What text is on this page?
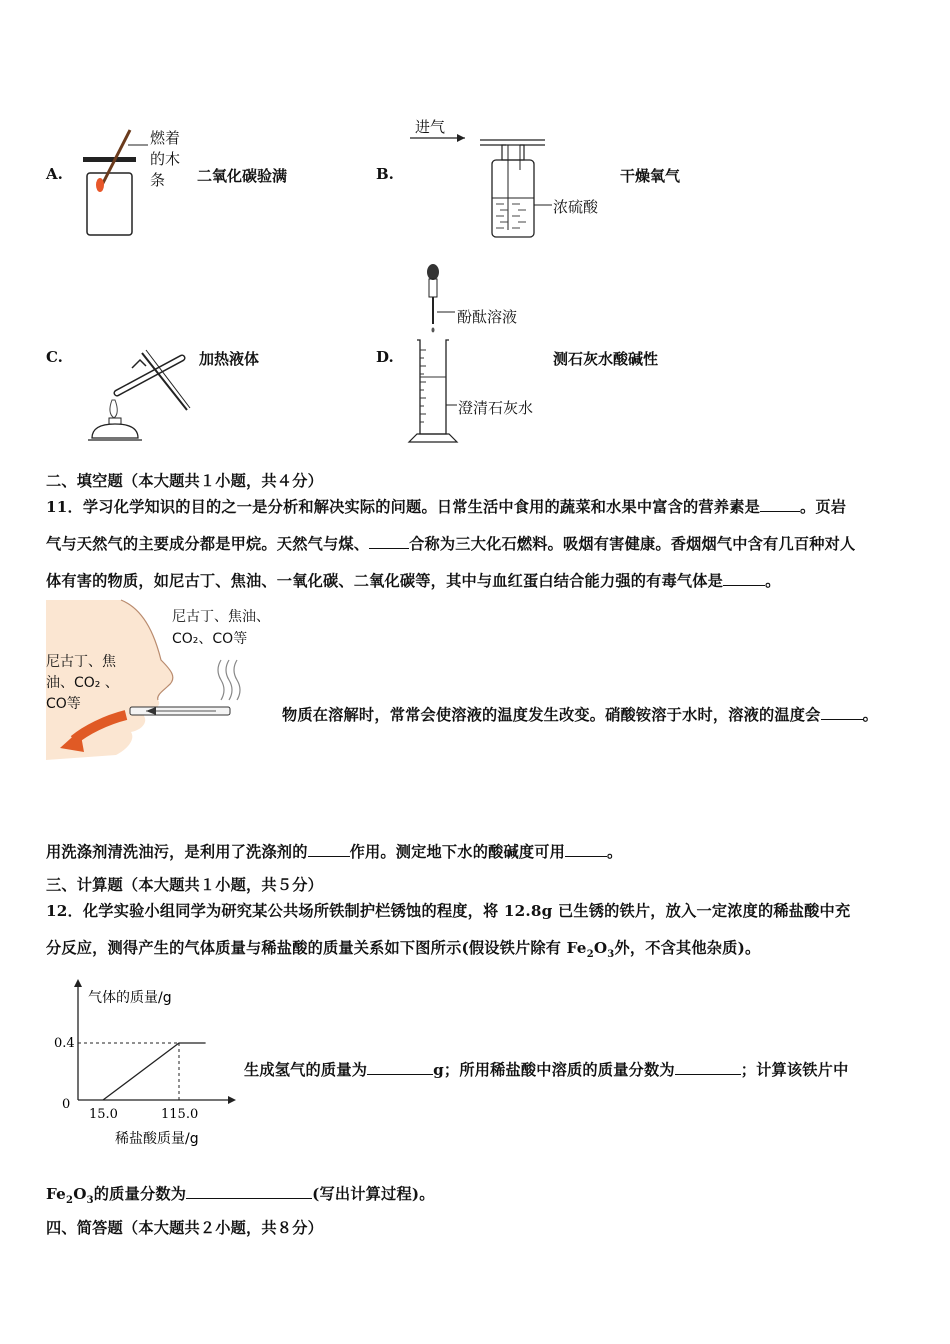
A.
燃着
的木
条	二氧化碳验满	B.
进气
浓硫酸
干燥氧气
C.	加热液体	D.
酚酞溶液
澄清石灰水
测石灰水酸碱性
二、填空题（本大题共１小题，共４分）
11．学习化学知识的目的之一是分析和解决实际的问题。日常生活中食用的蔬菜和水果中富含的营养素是	。页岩
气与天然气的主要成分都是甲烷。天然气与煤、	合称为三大化石燃料。吸烟有害健康。香烟烟气中含有几百种对人
体有害的物质，如尼古丁、焦油、一氧化碳、二氧化碳等，其中与血红蛋白结合能力强的有毒气体是	。
尼古丁、焦油、
CO₂、CO等
尼古丁、焦
油、CO₂ 、
CO等
物质在溶解时，常常会使溶液的温度发生改变。硝酸铵溶于水时，溶液的温度会	。
用洗涤剂清洗油污，是利用了洗涤剂的	作用。测定地下水的酸碱度可用	。
三、计算题（本大题共１小题，共５分）
12．化学实验小组同学为研究某公共场所铁制护栏锈蚀的程度，将 12.8g 已生锈的铁片，放入一定浓度的稀盐酸中充
分反应，测得产生的气体质量与稀盐酸的质量关系如下图所示(假设铁片除有 $Fe_2O_3$外，不含其他杂质)。
气体的质量/g
稀盐酸质量/g
0
0.4
15.0	115.0
生成氢气的质量为	g；所用稀盐酸中溶质的质量分数为	；计算该铁片中
$Fe_2O_3$的质量分数为	(写出计算过程)。
四、简答题（本大题共２小题，共８分）
